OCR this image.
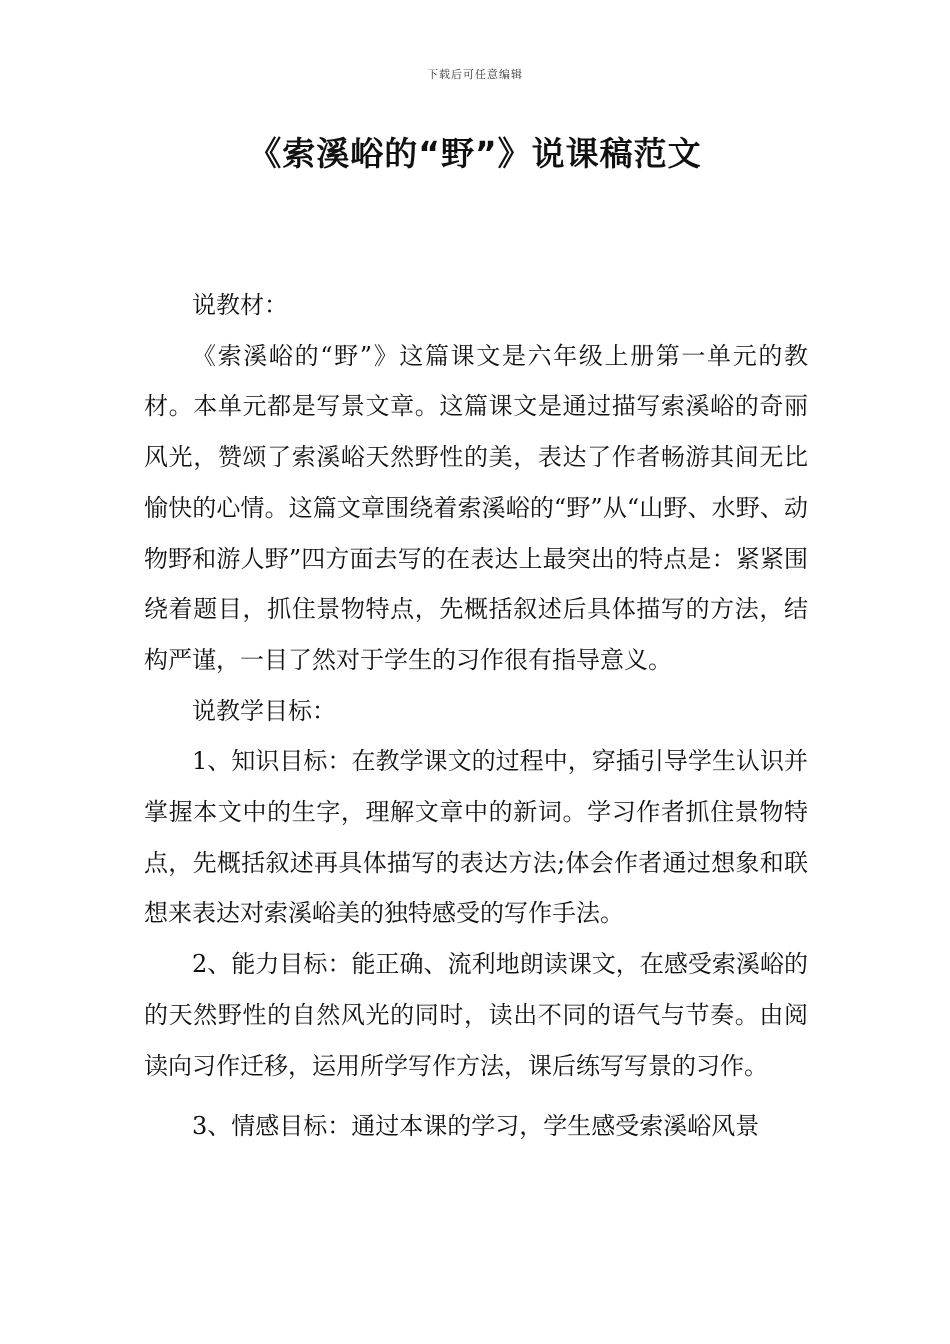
下载后可任意编辑
《索溪峪的“野”》说课稿范文

说教材：

《索溪峪的“野”》这篇课文是六年级上册第一单元的教材。本单元都是写景文章。这篇课文是通过描写索溪峪的奇丽风光，赞颂了索溪峪天然野性的美，表达了作者畅游其间无比愉快的心情。这篇文章围绕着索溪峪的“野”从“山野、水野、动物野和游人野”四方面去写的在表达上最突出的特点是：紧紧围绕着题目，抓住景物特点，先概括叙述后具体描写的方法，结构严谨，一目了然对于学生的习作很有指导意义。

说教学目标：

1、知识目标：在教学课文的过程中，穿插引导学生认识并掌握本文中的生字，理解文章中的新词。学习作者抓住景物特点，先概括叙述再具体描写的表达方法;体会作者通过想象和联想来表达对索溪峪美的独特感受的写作手法。

2、能力目标：能正确、流利地朗读课文，在感受索溪峪的的天然野性的自然风光的同时，读出不同的语气与节奏。由阅读向习作迁移，运用所学写作方法，课后练写写景的习作。

3、情感目标：通过本课的学习，学生感受索溪峪风景
